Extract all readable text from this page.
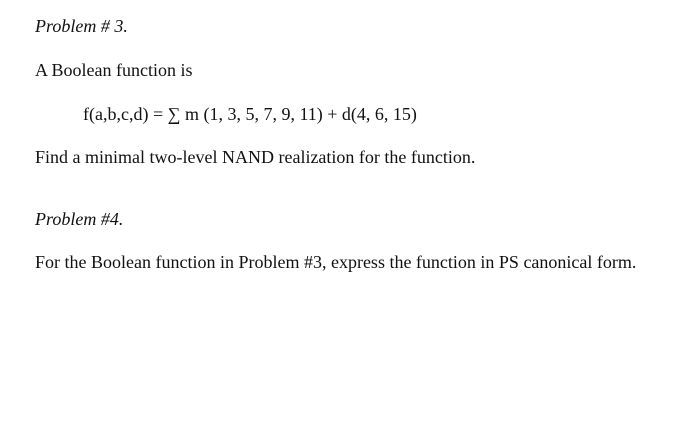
Problem # 3.
A Boolean function is
f(a,b,c,d) = ∑ m (1, 3, 5, 7, 9, 11) + d(4, 6, 15)
Find a minimal two-level NAND realization for the function.
Problem #4.
For the Boolean function in Problem #3, express the function in PS canonical form.
